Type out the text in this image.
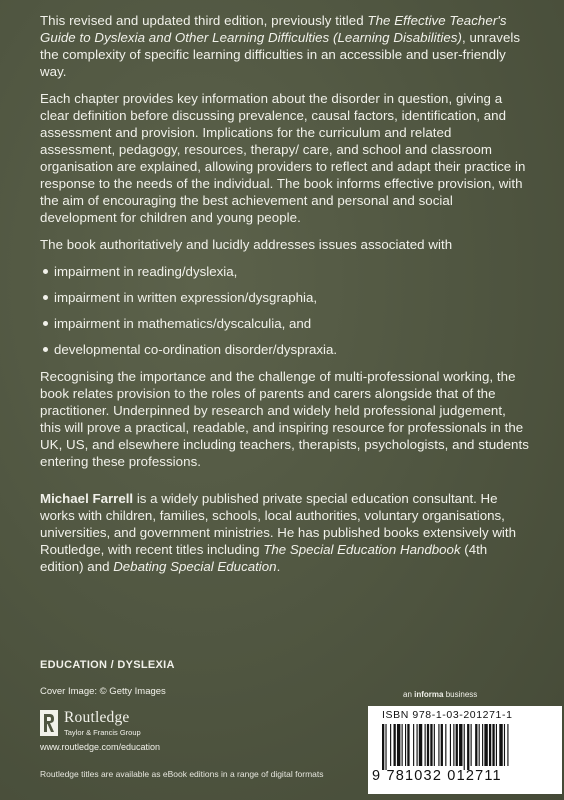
This revised and updated third edition, previously titled The Effective Teacher's Guide to Dyslexia and Other Learning Difficulties (Learning Disabilities), unravels the complexity of specific learning difficulties in an accessible and user-friendly way.

Each chapter provides key information about the disorder in question, giving a clear definition before discussing prevalence, causal factors, identification, and assessment and provision. Implications for the curriculum and related assessment, pedagogy, resources, therapy/ care, and school and classroom organisation are explained, allowing providers to reflect and adapt their practice in response to the needs of the individual. The book informs effective provision, with the aim of encouraging the best achievement and personal and social development for children and young people.

The book authoritatively and lucidly addresses issues associated with

impairment in reading/dyslexia,
impairment in written expression/dysgraphia,
impairment in mathematics/dyscalculia, and
developmental co-ordination disorder/dyspraxia.

Recognising the importance and the challenge of multi-professional working, the book relates provision to the roles of parents and carers alongside that of the practitioner. Underpinned by research and widely held professional judgement, this will prove a practical, readable, and inspiring resource for professionals in the UK, US, and elsewhere including teachers, therapists, psychologists, and students entering these professions.

Michael Farrell is a widely published private special education consultant. He works with children, families, schools, local authorities, voluntary organisations, universities, and government ministries. He has published books extensively with Routledge, with recent titles including The Special Education Handbook (4th edition) and Debating Special Education.
EDUCATION / DYSLEXIA
Cover Image: © Getty Images
Routledge
Taylor & Francis Group
www.routledge.com/education
Routledge titles are available as eBook editions in a range of digital formats
an informa business
ISBN 978-1-03-201271-1
9 781032 012711
